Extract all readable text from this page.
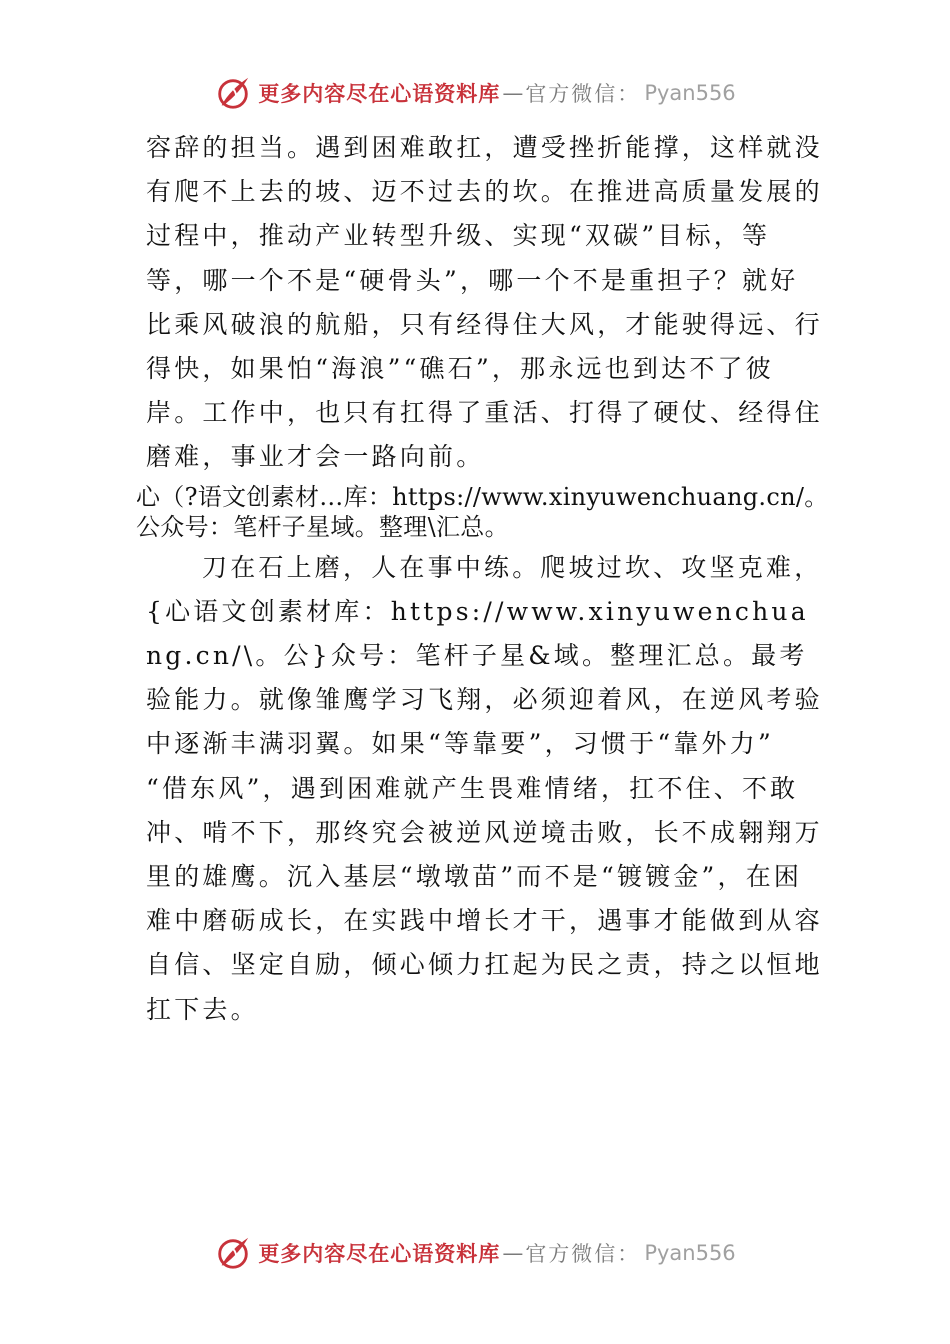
更多内容尽在心语资料库 — 官方微信： Pyan556

容辞的担当。遇到困难敢扛，遭受挫折能撑，这样就没有爬不上去的坡、迈不过去的坎。在推进高质量发展的过程中，推动产业转型升级、实现“双碳”目标，等等，哪一个不是“硬骨头”，哪一个不是重担子？就好比乘风破浪的航船，只有经得住大风，才能驶得远、行得快，如果怕“海浪”“礁石”，那永远也到达不了彼岸。工作中，也只有扛得了重活、打得了硬仗、经得住磨难，事业才会一路向前。

心（?语文创素材…库：https://www.xinyuwenchuang.cn/。公众号：笔杆子星域。整理\汇总。

刀在石上磨，人在事中练。爬坡过坎、攻坚克难，{心语文创素材库：https://www.xinyuwenchuang.cn/\。公}众号：笔杆子星&域。整理汇总。最考验能力。就像雏鹰学习飞翔，必须迎着风，在逆风考验中逐渐丰满羽翼。如果“等靠要”，习惯于“靠外力” “借东风”，遇到困难就产生畏难情绪，扛不住、不敢冲、啃不下，那终究会被逆风逆境击败，长不成翱翔万里的雄鹰。沉入基层“墩墩苗”而不是“镀镀金”，在困难中磨砺成长，在实践中增长才干，遇事才能做到从容自信、坚定自励，倾心倾力扛起为民之责，持之以恒地扛下去。

更多内容尽在心语资料库 — 官方微信： Pyan556
